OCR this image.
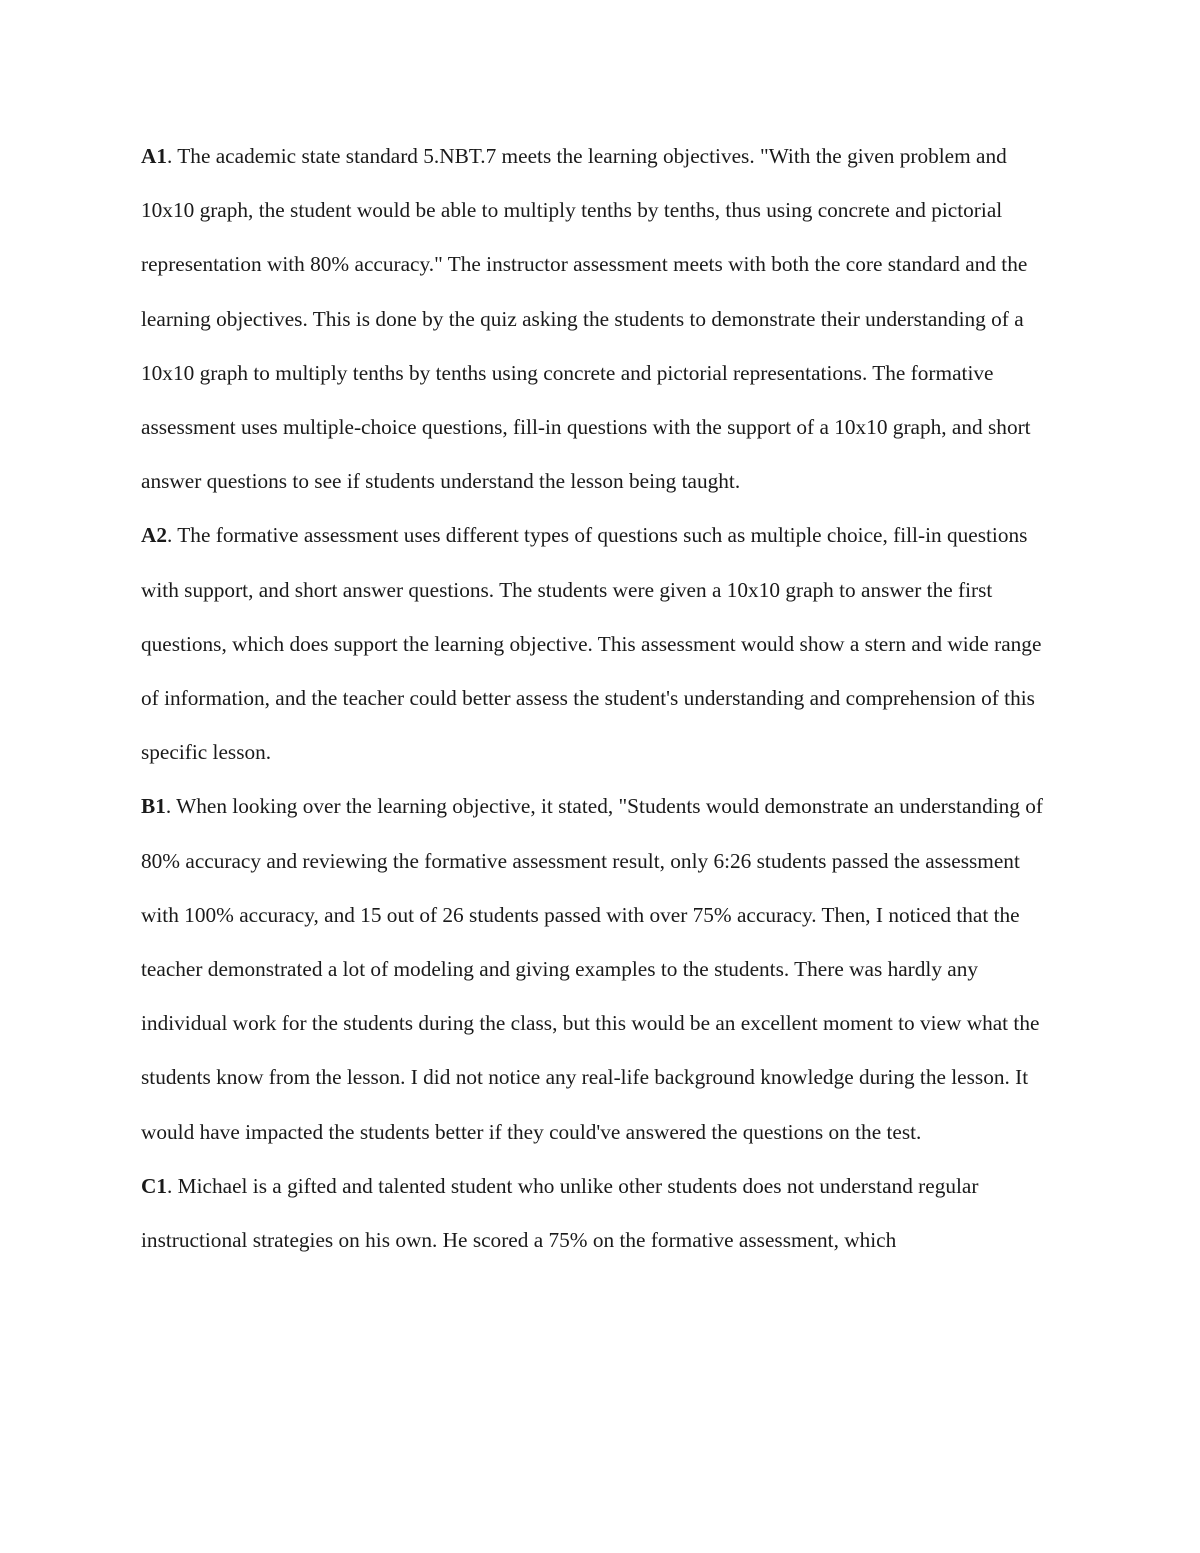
A1. The academic state standard 5.NBT.7 meets the learning objectives. "With the given problem and 10x10 graph, the student would be able to multiply tenths by tenths, thus using concrete and pictorial representation with 80% accuracy." The instructor assessment meets with both the core standard and the learning objectives. This is done by the quiz asking the students to demonstrate their understanding of a 10x10 graph to multiply tenths by tenths using concrete and pictorial representations. The formative assessment uses multiple-choice questions, fill-in questions with the support of a 10x10 graph, and short answer questions to see if students understand the lesson being taught.

A2. The formative assessment uses different types of questions such as multiple choice, fill-in questions with support, and short answer questions. The students were given a 10x10 graph to answer the first questions, which does support the learning objective. This assessment would show a stern and wide range of information, and the teacher could better assess the student's understanding and comprehension of this specific lesson.

B1. When looking over the learning objective, it stated, "Students would demonstrate an understanding of 80% accuracy and reviewing the formative assessment result, only 6:26 students passed the assessment with 100% accuracy, and 15 out of 26 students passed with over 75% accuracy. Then, I noticed that the teacher demonstrated a lot of modeling and giving examples to the students. There was hardly any individual work for the students during the class, but this would be an excellent moment to view what the students know from the lesson. I did not notice any real-life background knowledge during the lesson. It would have impacted the students better if they could've answered the questions on the test.

C1. Michael is a gifted and talented student who unlike other students does not understand regular instructional strategies on his own. He scored a 75% on the formative assessment, which
